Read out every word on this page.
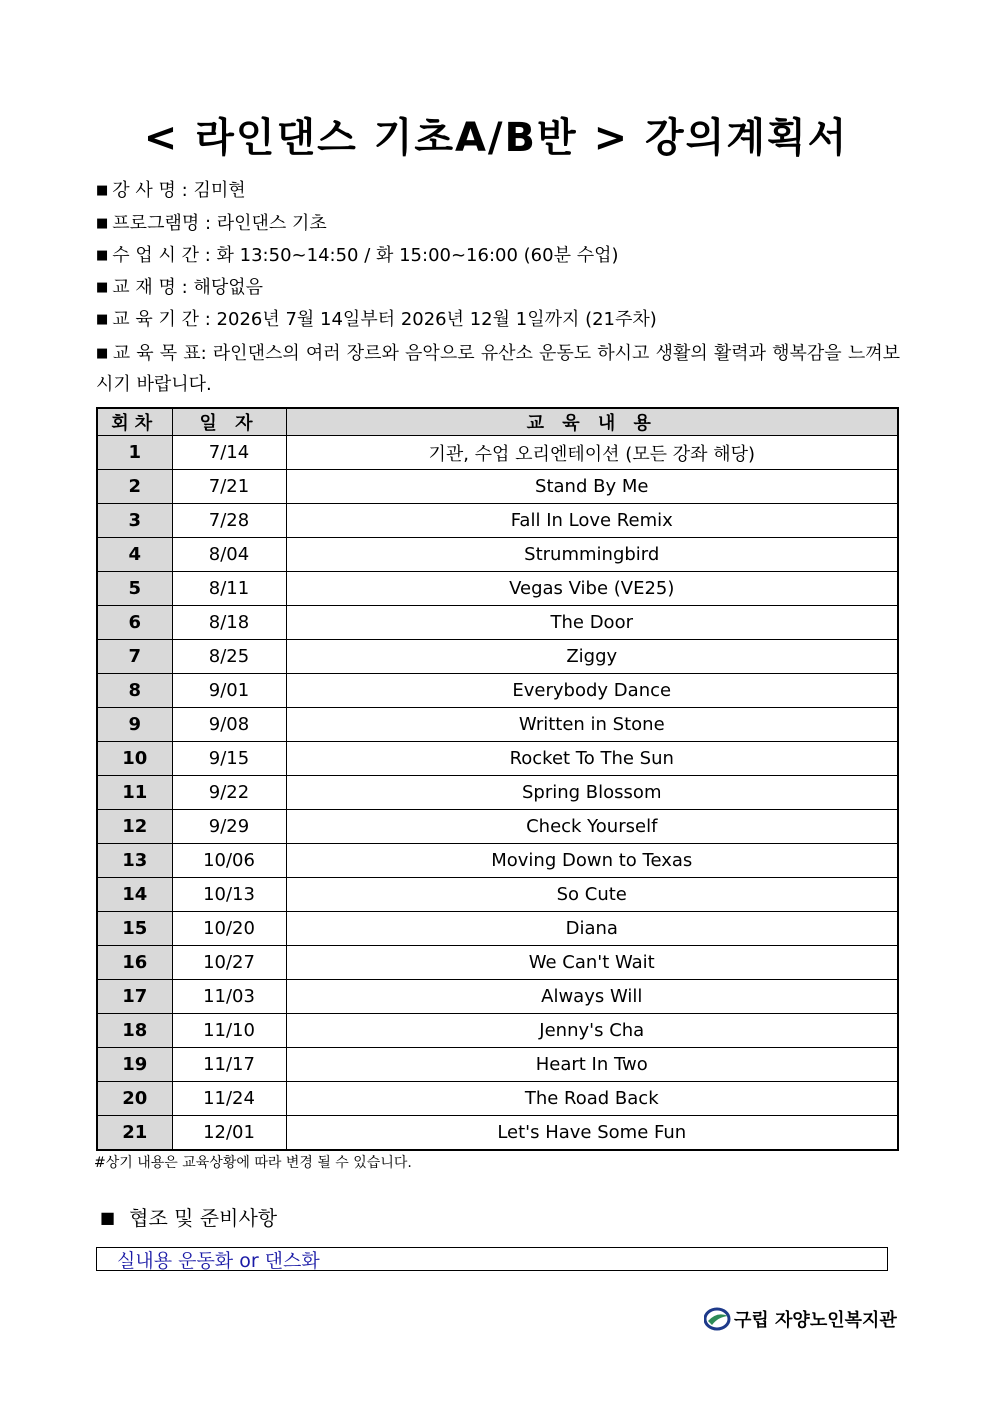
< 라인댄스 기초A/B반 > 강의계획서
■ 강 사 명 : 김미현
■ 프로그램명 : 라인댄스 기초
■ 수 업 시 간 : 화 13:50~14:50 / 화 15:00~16:00 (60분 수업)
■ 교 재 명 : 해당없음
■ 교 육 기 간 : 2026년 7월 14일부터 2026년 12월 1일까지 (21주차)
■ 교 육 목 표: 라인댄스의 여러 장르와 음악으로 유산소 운동도 하시고 생활의 활력과 행복감을 느껴보시기 바랍니다.
회차	일 자	교 육 내 용
1	7/14	기관, 수업 오리엔테이션 (모든 강좌 해당)
2	7/21	Stand By Me
3	7/28	Fall In Love Remix
4	8/04	Strummingbird
5	8/11	Vegas Vibe (VE25)
6	8/18	The Door
7	8/25	Ziggy
8	9/01	Everybody Dance
9	9/08	Written in Stone
10	9/15	Rocket To The Sun
11	9/22	Spring Blossom
12	9/29	Check Yourself
13	10/06	Moving Down to Texas
14	10/13	So Cute
15	10/20	Diana
16	10/27	We Can't Wait
17	11/03	Always Will
18	11/10	Jenny's Cha
19	11/17	Heart In Two
20	11/24	The Road Back
21	12/01	Let's Have Some Fun
#상기 내용은 교육상황에 따라 변경 될 수 있습니다.
■ 협조 및 준비사항
실내용 운동화 or 댄스화
구립 자양노인복지관
